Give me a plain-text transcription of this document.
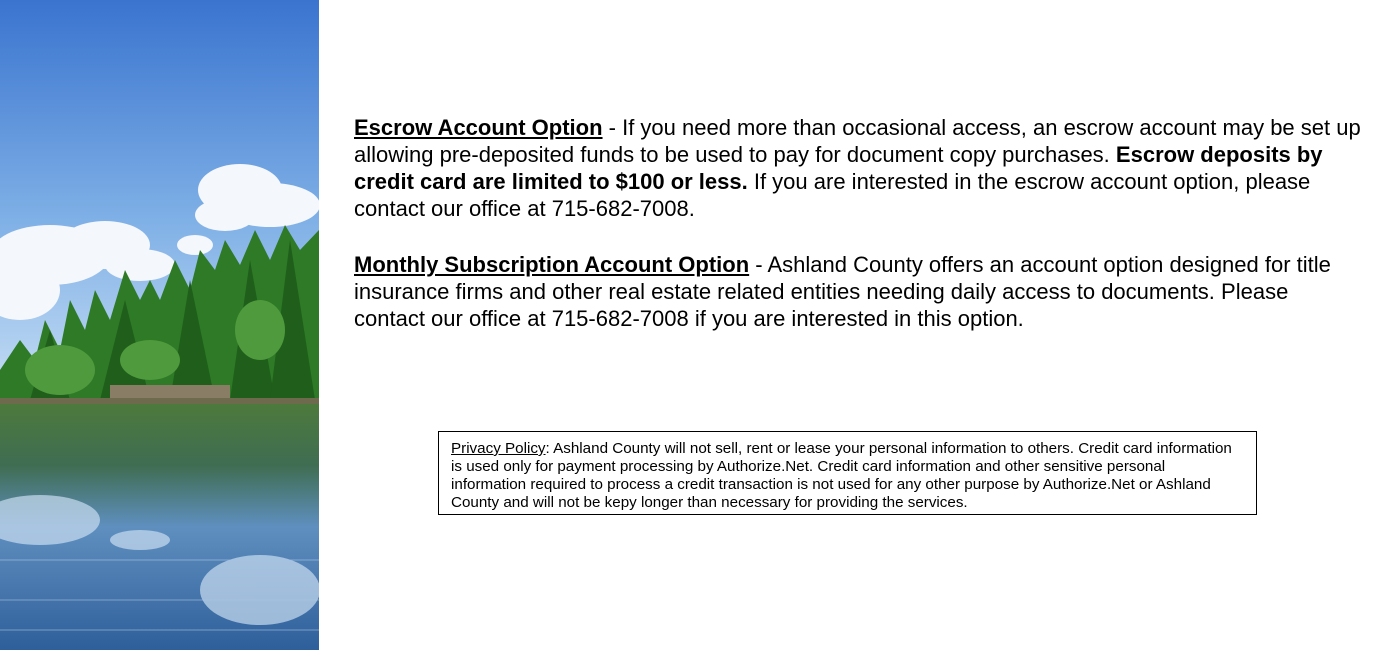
Escrow Account Option - If you need more than occasional access, an escrow account may be set up allowing pre-deposited funds to be used to pay for document copy purchases. Escrow deposits by credit card are limited to $100 or less. If you are interested in the escrow account option, please contact our office at 715-682-7008.

Monthly Subscription Account Option - Ashland County offers an account option designed for title insurance firms and other real estate related entities needing daily access to documents. Please contact our office at 715-682-7008 if you are interested in this option.

Privacy Policy: Ashland County will not sell, rent or lease your personal information to others. Credit card information is used only for payment processing by Authorize.Net. Credit card information and other sensitive personal information required to process a credit transaction is not used for any other purpose by Authorize.Net or Ashland County and will not be kepy longer than necessary for providing the services.
